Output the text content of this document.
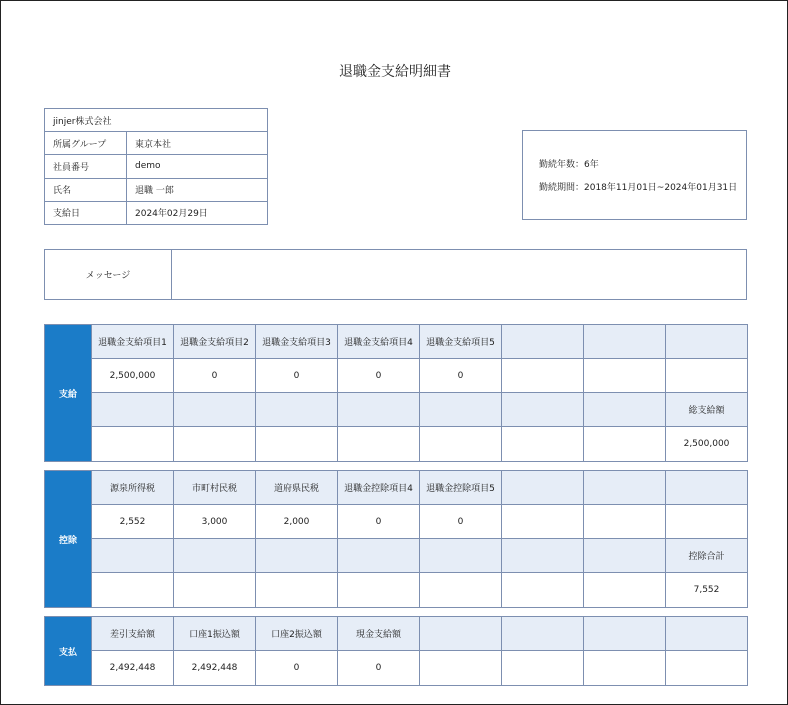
退職金支給明細書
jinjer株式会社	
所属グループ	東京本社
社員番号	demo
氏名	退職 一郎
支給日	2024年02月29日
勤続年数：6年
勤続期間：2018年11月01日~2024年01月31日
メッセージ
支給
退職金支給項目1	退職金支給項目2	退職金支給項目3	退職金支給項目4	退職金支給項目5
2,500,000	0	0	0	0
総支給額
2,500,000
控除
源泉所得税	市町村民税	道府県民税	退職金控除項目4	退職金控除項目5
2,552	3,000	2,000	0	0
控除合計
7,552
支払
差引支給額	口座1振込額	口座2振込額	現金支給額
2,492,448	2,492,448	0	0
